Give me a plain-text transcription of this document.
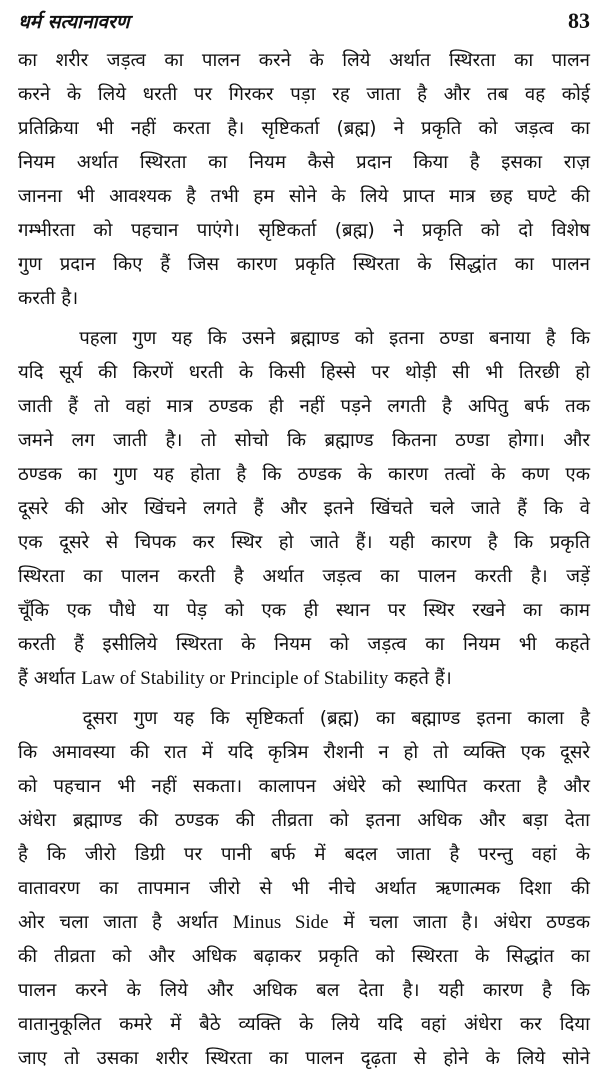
धर्म सत्यानावरण	83
का शरीर जड़त्व का पालन करने के लिये अर्थात स्थिरता का पालन
करने के लिये धरती पर गिरकर पड़ा रह जाता है और तब वह कोई
प्रतिक्रिया भी नहीं करता है। सृष्टिकर्ता (ब्रह्म) ने प्रकृति को जड़त्व का
नियम अर्थात स्थिरता का नियम कैसे प्रदान किया है इसका राज़
जानना भी आवश्यक है तभी हम सोने के लिये प्राप्त मात्र छह घण्टे की
गम्भीरता को पहचान पाएंगे। सृष्टिकर्ता (ब्रह्म) ने प्रकृति को दो विशेष
गुण प्रदान किए हैं जिस कारण प्रकृति स्थिरता के सिद्धांत का पालन
करती है।
पहला गुण यह कि उसने ब्रह्माण्ड को इतना ठण्डा बनाया है कि
यदि सूर्य की किरणें धरती के किसी हिस्से पर थोड़ी सी भी तिरछी हो
जाती हैं तो वहां मात्र ठण्डक ही नहीं पड़ने लगती है अपितु बर्फ तक
जमने लग जाती है। तो सोचो कि ब्रह्माण्ड कितना ठण्डा होगा। और
ठण्डक का गुण यह होता है कि ठण्डक के कारण तत्वों के कण एक
दूसरे की ओर खिंचने लगते हैं और इतने खिंचते चले जाते हैं कि वे
एक दूसरे से चिपक कर स्थिर हो जाते हैं। यही कारण है कि प्रकृति
स्थिरता का पालन करती है अर्थात जड़त्व का पालन करती है। जड़ें
चूँकि एक पौधे या पेड़ को एक ही स्थान पर स्थिर रखने का काम
करती हैं इसीलिये स्थिरता के नियम को जड़त्व का नियम भी कहते
हैं अर्थात Law of Stability or Principle of Stability कहते हैं।
दूसरा गुण यह कि सृष्टिकर्ता (ब्रह्म) का बह्माण्ड इतना काला है
कि अमावस्या की रात में यदि कृत्रिम रौशनी न हो तो व्यक्ति एक दूसरे
को पहचान भी नहीं सकता। कालापन अंधेरे को स्थापित करता है और
अंधेरा ब्रह्माण्ड की ठण्डक की तीव्रता को इतना अधिक और बड़ा देता
है कि जीरो डिग्री पर पानी बर्फ में बदल जाता है परन्तु वहां के
वातावरण का तापमान जीरो से भी नीचे अर्थात ऋणात्मक दिशा की
ओर चला जाता है अर्थात Minus Side में चला जाता है। अंधेरा ठण्डक
की तीव्रता को और अधिक बढ़ाकर प्रकृति को स्थिरता के सिद्धांत का
पालन करने के लिये और अधिक बल देता है। यही कारण है कि
वातानुकूलित कमरे में बैठे व्यक्ति के लिये यदि वहां अंधेरा कर दिया
जाए तो उसका शरीर स्थिरता का पालन दृढ़ता से होने के लिये सोने
